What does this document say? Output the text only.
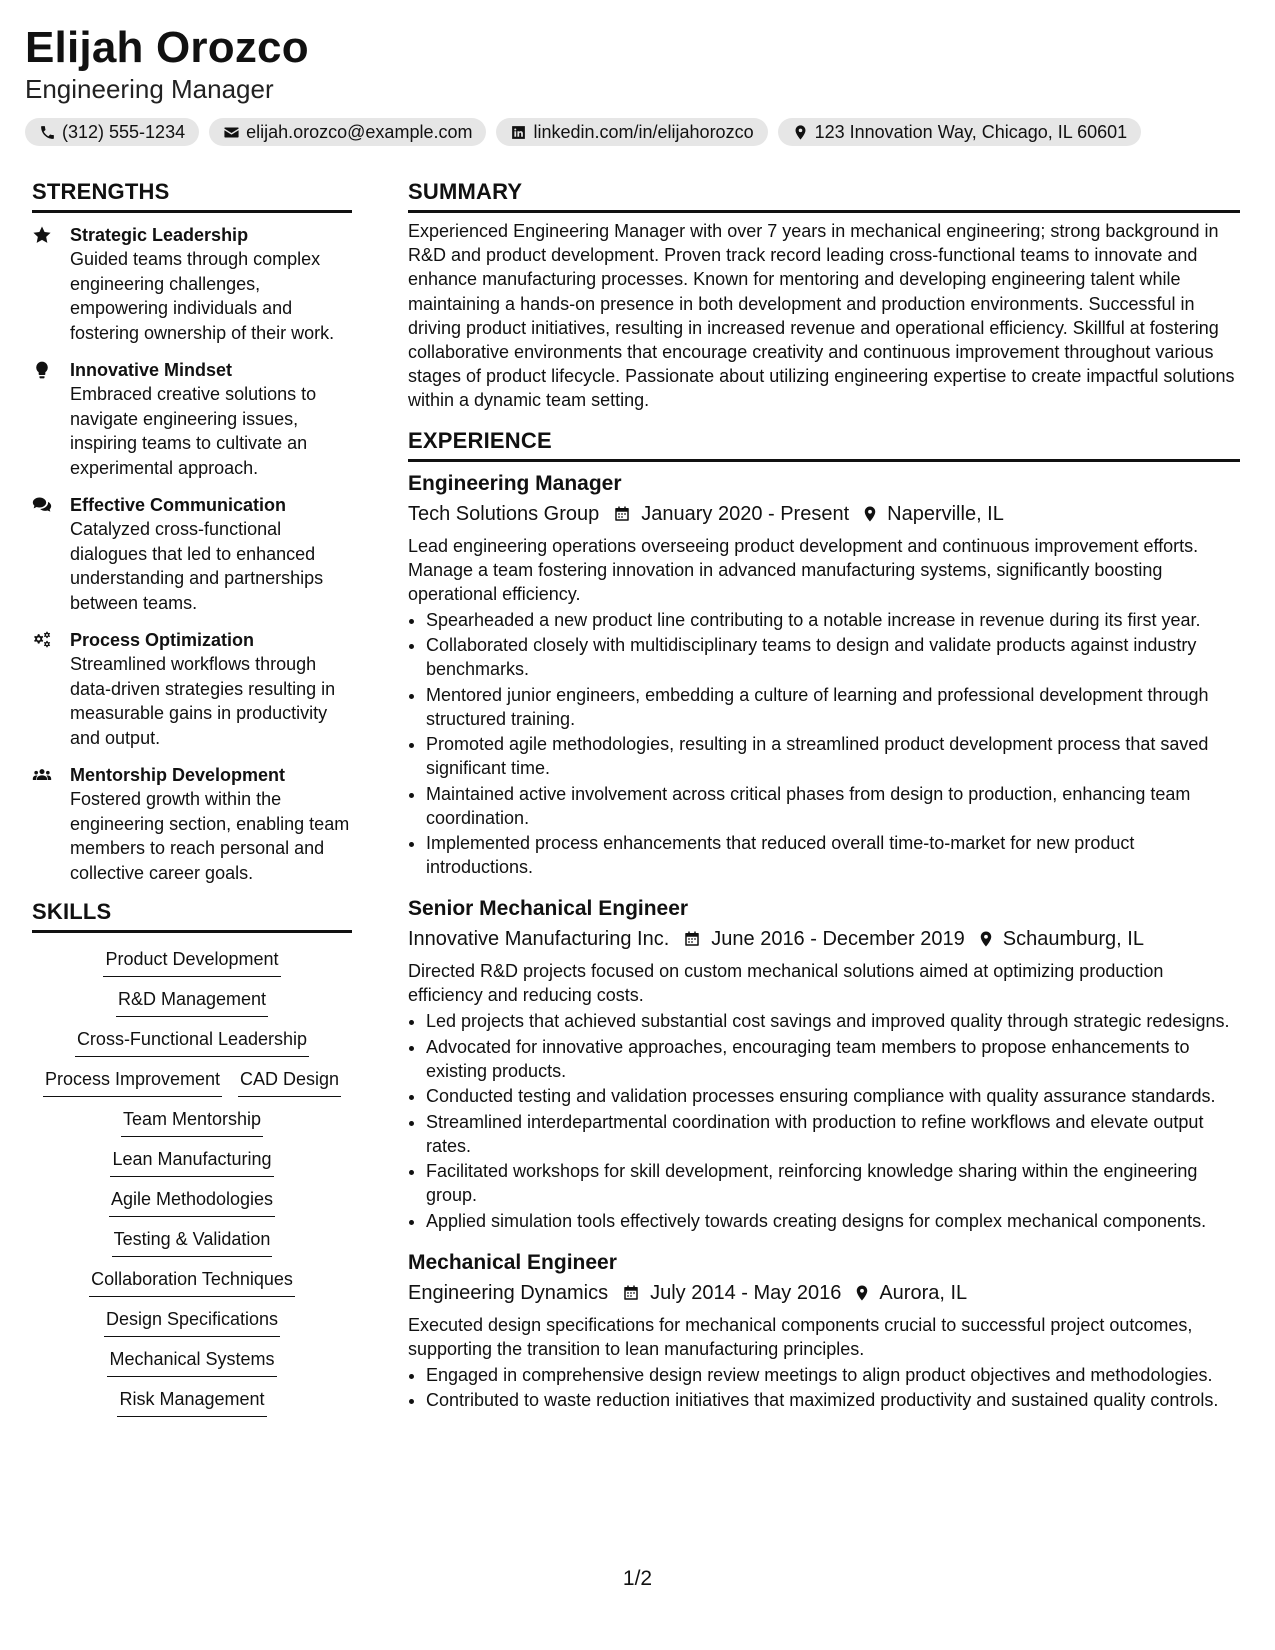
Elijah Orozco
Engineering Manager
(312) 555-1234	elijah.orozco@example.com	linkedin.com/in/elijahorozco	123 Innovation Way, Chicago, IL 60601
STRENGTHS
Strategic Leadership
Guided teams through complex engineering challenges, empowering individuals and fostering ownership of their work.
Innovative Mindset
Embraced creative solutions to navigate engineering issues, inspiring teams to cultivate an experimental approach.
Effective Communication
Catalyzed cross-functional dialogues that led to enhanced understanding and partnerships between teams.
Process Optimization
Streamlined workflows through data-driven strategies resulting in measurable gains in productivity and output.
Mentorship Development
Fostered growth within the engineering section, enabling team members to reach personal and collective career goals.
SKILLS
Product Development
R&D Management
Cross-Functional Leadership
Process Improvement CAD Design
Team Mentorship
Lean Manufacturing
Agile Methodologies
Testing & Validation
Collaboration Techniques
Design Specifications
Mechanical Systems
Risk Management
SUMMARY
Experienced Engineering Manager with over 7 years in mechanical engineering; strong background in R&D and product development. Proven track record leading cross-functional teams to innovate and enhance manufacturing processes. Known for mentoring and developing engineering talent while maintaining a hands-on presence in both development and production environments. Successful in driving product initiatives, resulting in increased revenue and operational efficiency. Skillful at fostering collaborative environments that encourage creativity and continuous improvement throughout various stages of product lifecycle. Passionate about utilizing engineering expertise to create impactful solutions within a dynamic team setting.
EXPERIENCE
Engineering Manager
Tech Solutions Group January 2020 - Present Naperville, IL
Lead engineering operations overseeing product development and continuous improvement efforts. Manage a team fostering innovation in advanced manufacturing systems, significantly boosting operational efficiency.
• Spearheaded a new product line contributing to a notable increase in revenue during its first year.
• Collaborated closely with multidisciplinary teams to design and validate products against industry benchmarks.
• Mentored junior engineers, embedding a culture of learning and professional development through structured training.
• Promoted agile methodologies, resulting in a streamlined product development process that saved significant time.
• Maintained active involvement across critical phases from design to production, enhancing team coordination.
• Implemented process enhancements that reduced overall time-to-market for new product introductions.
Senior Mechanical Engineer
Innovative Manufacturing Inc. June 2016 - December 2019 Schaumburg, IL
Directed R&D projects focused on custom mechanical solutions aimed at optimizing production efficiency and reducing costs.
• Led projects that achieved substantial cost savings and improved quality through strategic redesigns.
• Advocated for innovative approaches, encouraging team members to propose enhancements to existing products.
• Conducted testing and validation processes ensuring compliance with quality assurance standards.
• Streamlined interdepartmental coordination with production to refine workflows and elevate output rates.
• Facilitated workshops for skill development, reinforcing knowledge sharing within the engineering group.
• Applied simulation tools effectively towards creating designs for complex mechanical components.
Mechanical Engineer
Engineering Dynamics July 2014 - May 2016 Aurora, IL
Executed design specifications for mechanical components crucial to successful project outcomes, supporting the transition to lean manufacturing principles.
• Engaged in comprehensive design review meetings to align product objectives and methodologies.
• Contributed to waste reduction initiatives that maximized productivity and sustained quality controls.
1/2
